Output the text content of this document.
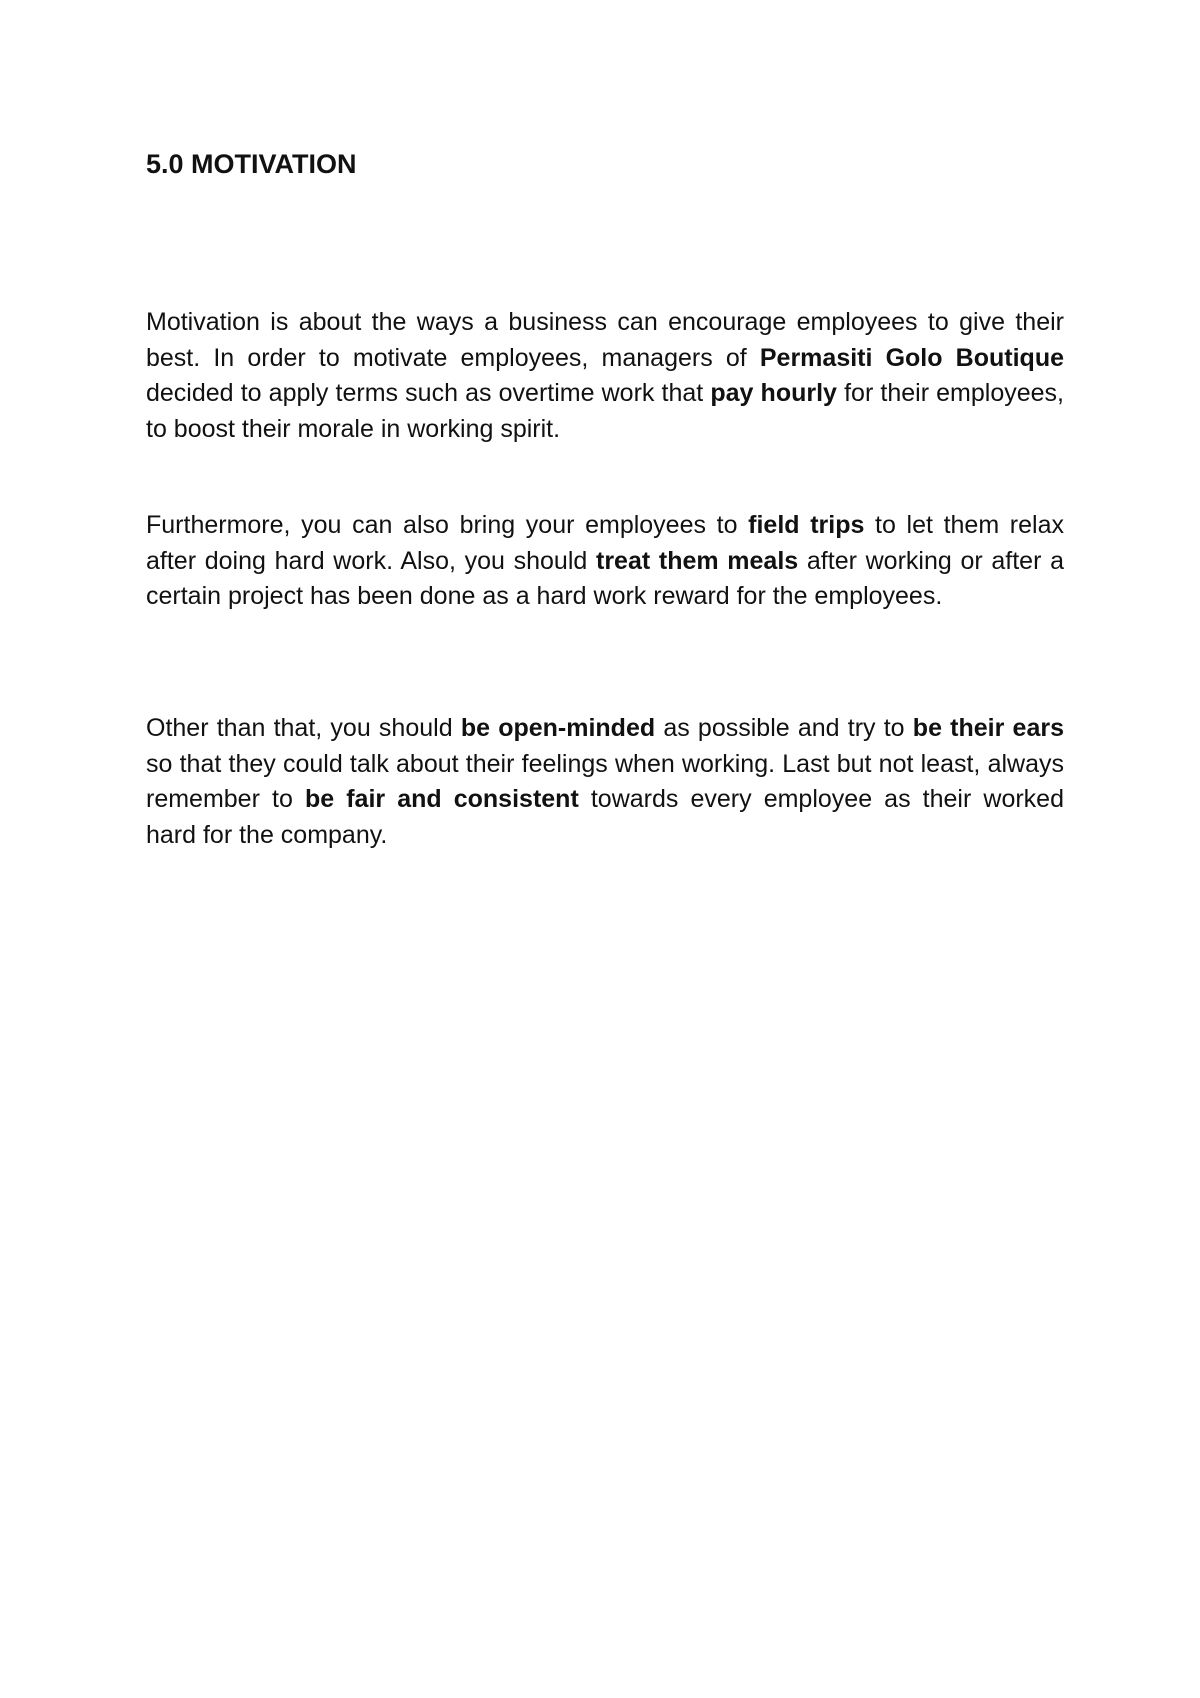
5.0 MOTIVATION

Motivation is about the ways a business can encourage employees to give their best. In order to motivate employees, managers of Permasiti Golo Boutique decided to apply terms such as overtime work that pay hourly for their employees, to boost their morale in working spirit.

Furthermore, you can also bring your employees to field trips to let them relax after doing hard work. Also, you should treat them meals after working or after a certain project has been done as a hard work reward for the employees.

Other than that, you should be open-minded as possible and try to be their ears so that they could talk about their feelings when working. Last but not least, always remember to be fair and consistent towards every employee as their worked hard for the company.
